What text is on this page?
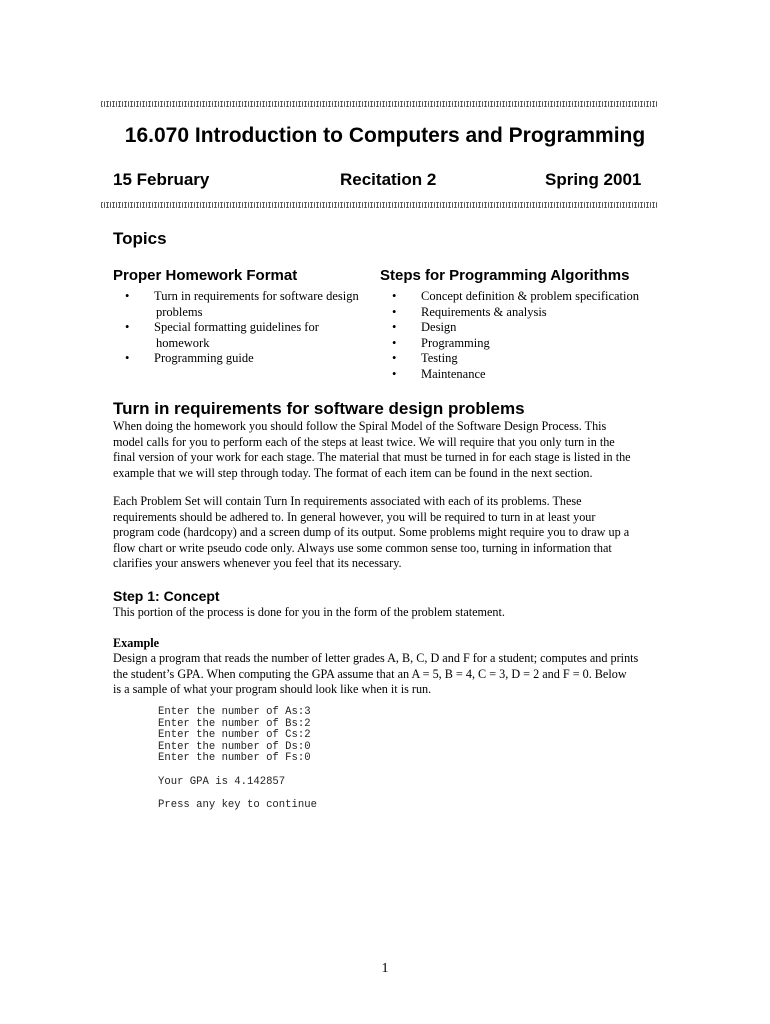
16.070 Introduction to Computers and Programming
15 February	Recitation 2	Spring 2001
Topics
Proper Homework Format
• Turn in requirements for software design
problems
• Special formatting guidelines for
homework
• Programming guide
Steps for Programming Algorithms
• Concept definition & problem specification
• Requirements & analysis
• Design
• Programming
• Testing
• Maintenance
Turn in requirements for software design problems

When doing the homework you should follow the Spiral Model of the Software Design Process. This
model calls for you to perform each of the steps at least twice. We will require that you only turn in the
final version of your work for each stage. The material that must be turned in for each stage is listed in the
example that we will step through today. The format of each item can be found in the next section.

Each Problem Set will contain Turn In requirements associated with each of its problems. These
requirements should be adhered to. In general however, you will be required to turn in at least your
program code (hardcopy) and a screen dump of its output. Some problems might require you to draw up a
flow chart or write pseudo code only. Always use some common sense too, turning in information that
clarifies your answers whenever you feel that its necessary.

Step 1: Concept

This portion of the process is done for you in the form of the problem statement.

Example

Design a program that reads the number of letter grades A, B, C, D and F for a student; computes and prints
the student’s GPA. When computing the GPA assume that an A = 5, B = 4, C = 3, D = 2 and F = 0. Below
is a sample of what your program should look like when it is run.

Enter the number of As:3
Enter the number of Bs:2
Enter the number of Cs:2
Enter the number of Ds:0
Enter the number of Fs:0

Your GPA is 4.142857

Press any key to continue
1
